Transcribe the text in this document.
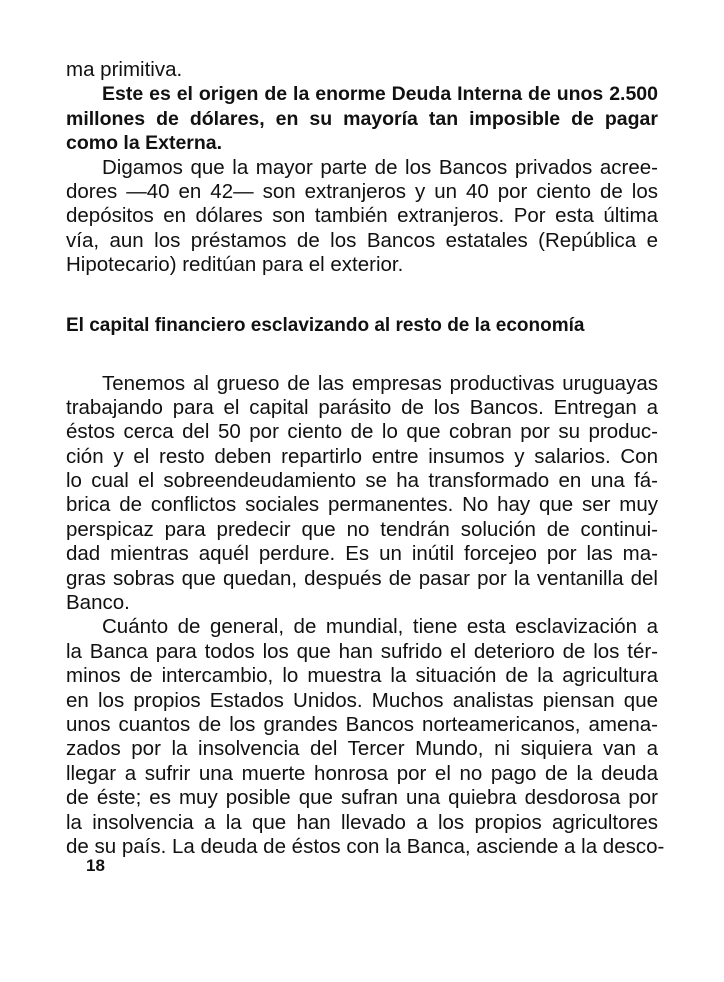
ma primitiva.
Este es el origen de la enorme Deuda Interna de unos 2.500
millones de dólares, en su mayoría tan imposible de pagar
como la Externa.
Digamos que la mayor parte de los Bancos privados acree-
dores —40 en 42— son extranjeros y un 40 por ciento de los
depósitos en dólares son también extranjeros. Por esta última
vía, aun los préstamos de los Bancos estatales (República e
Hipotecario) reditúan para el exterior.
El capital financiero esclavizando al resto de la economía
Tenemos al grueso de las empresas productivas uruguayas
trabajando para el capital parásito de los Bancos. Entregan a
éstos cerca del 50 por ciento de lo que cobran por su produc-
ción y el resto deben repartirlo entre insumos y salarios. Con
lo cual el sobreendeudamiento se ha transformado en una fá-
brica de conflictos sociales permanentes. No hay que ser muy
perspicaz para predecir que no tendrán solución de continui-
dad mientras aquél perdure. Es un inútil forcejeo por las ma-
gras sobras que quedan, después de pasar por la ventanilla del
Banco.
Cuánto de general, de mundial, tiene esta esclavización a
la Banca para todos los que han sufrido el deterioro de los tér-
minos de intercambio, lo muestra la situación de la agricultura
en los propios Estados Unidos. Muchos analistas piensan que
unos cuantos de los grandes Bancos norteamericanos, amena-
zados por la insolvencia del Tercer Mundo, ni siquiera van a
llegar a sufrir una muerte honrosa por el no pago de la deuda
de éste; es muy posible que sufran una quiebra desdorosa por
la insolvencia a la que han llevado a los propios agricultores
de su país. La deuda de éstos con la Banca, asciende a la desco-
18
